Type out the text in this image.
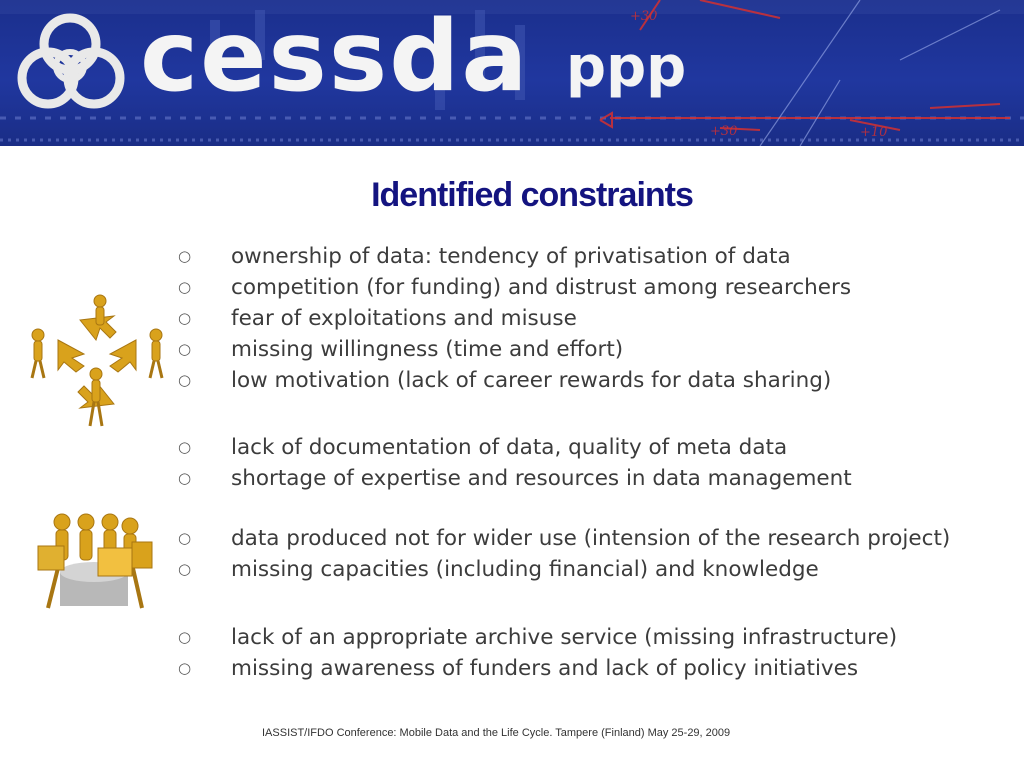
+30
+30	+10
cessda ppp
Identified constraints
○	ownership of data: tendency of privatisation of data
○	competition (for funding) and distrust among researchers
○	fear of exploitations and misuse
○	missing willingness (time and effort)
○	low motivation (lack of career rewards for data sharing)
○	lack of documentation of data, quality of meta data
○	shortage of expertise and resources in data management
○	data produced not for wider use (intension of the research project)
○	missing capacities (including financial) and knowledge
○	lack of an appropriate archive service (missing infrastructure)
○	missing awareness of funders and lack of policy initiatives
IASSIST/IFDO Conference: Mobile Data and the Life Cycle. Tampere (Finland) May 25-29, 2009
